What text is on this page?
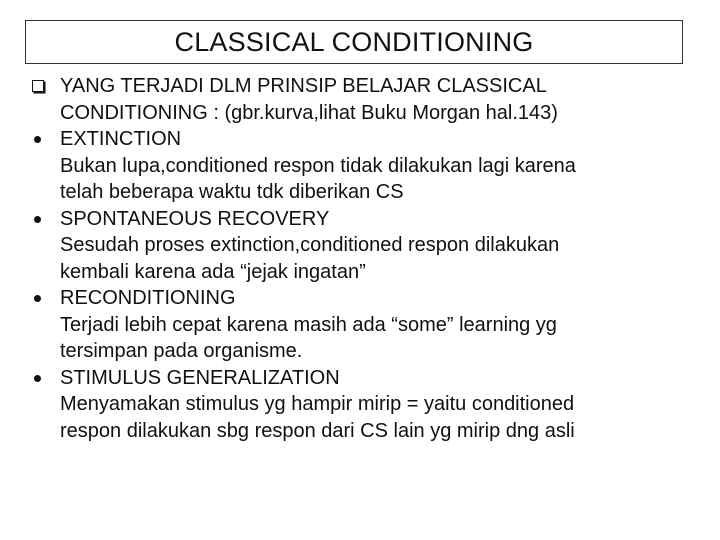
CLASSICAL CONDITIONING
YANG TERJADI DLM PRINSIP BELAJAR CLASSICAL
CONDITIONING : (gbr.kurva,lihat Buku Morgan hal.143)
EXTINCTION
Bukan lupa,conditioned respon tidak dilakukan lagi karena
telah beberapa waktu tdk diberikan CS
SPONTANEOUS RECOVERY
Sesudah proses extinction,conditioned respon dilakukan
kembali karena ada “jejak ingatan”
RECONDITIONING
Terjadi lebih cepat karena masih ada “some” learning yg
tersimpan pada organisme.
STIMULUS GENERALIZATION
Menyamakan stimulus yg hampir mirip = yaitu conditioned
respon dilakukan sbg respon dari CS lain yg mirip dng asli
